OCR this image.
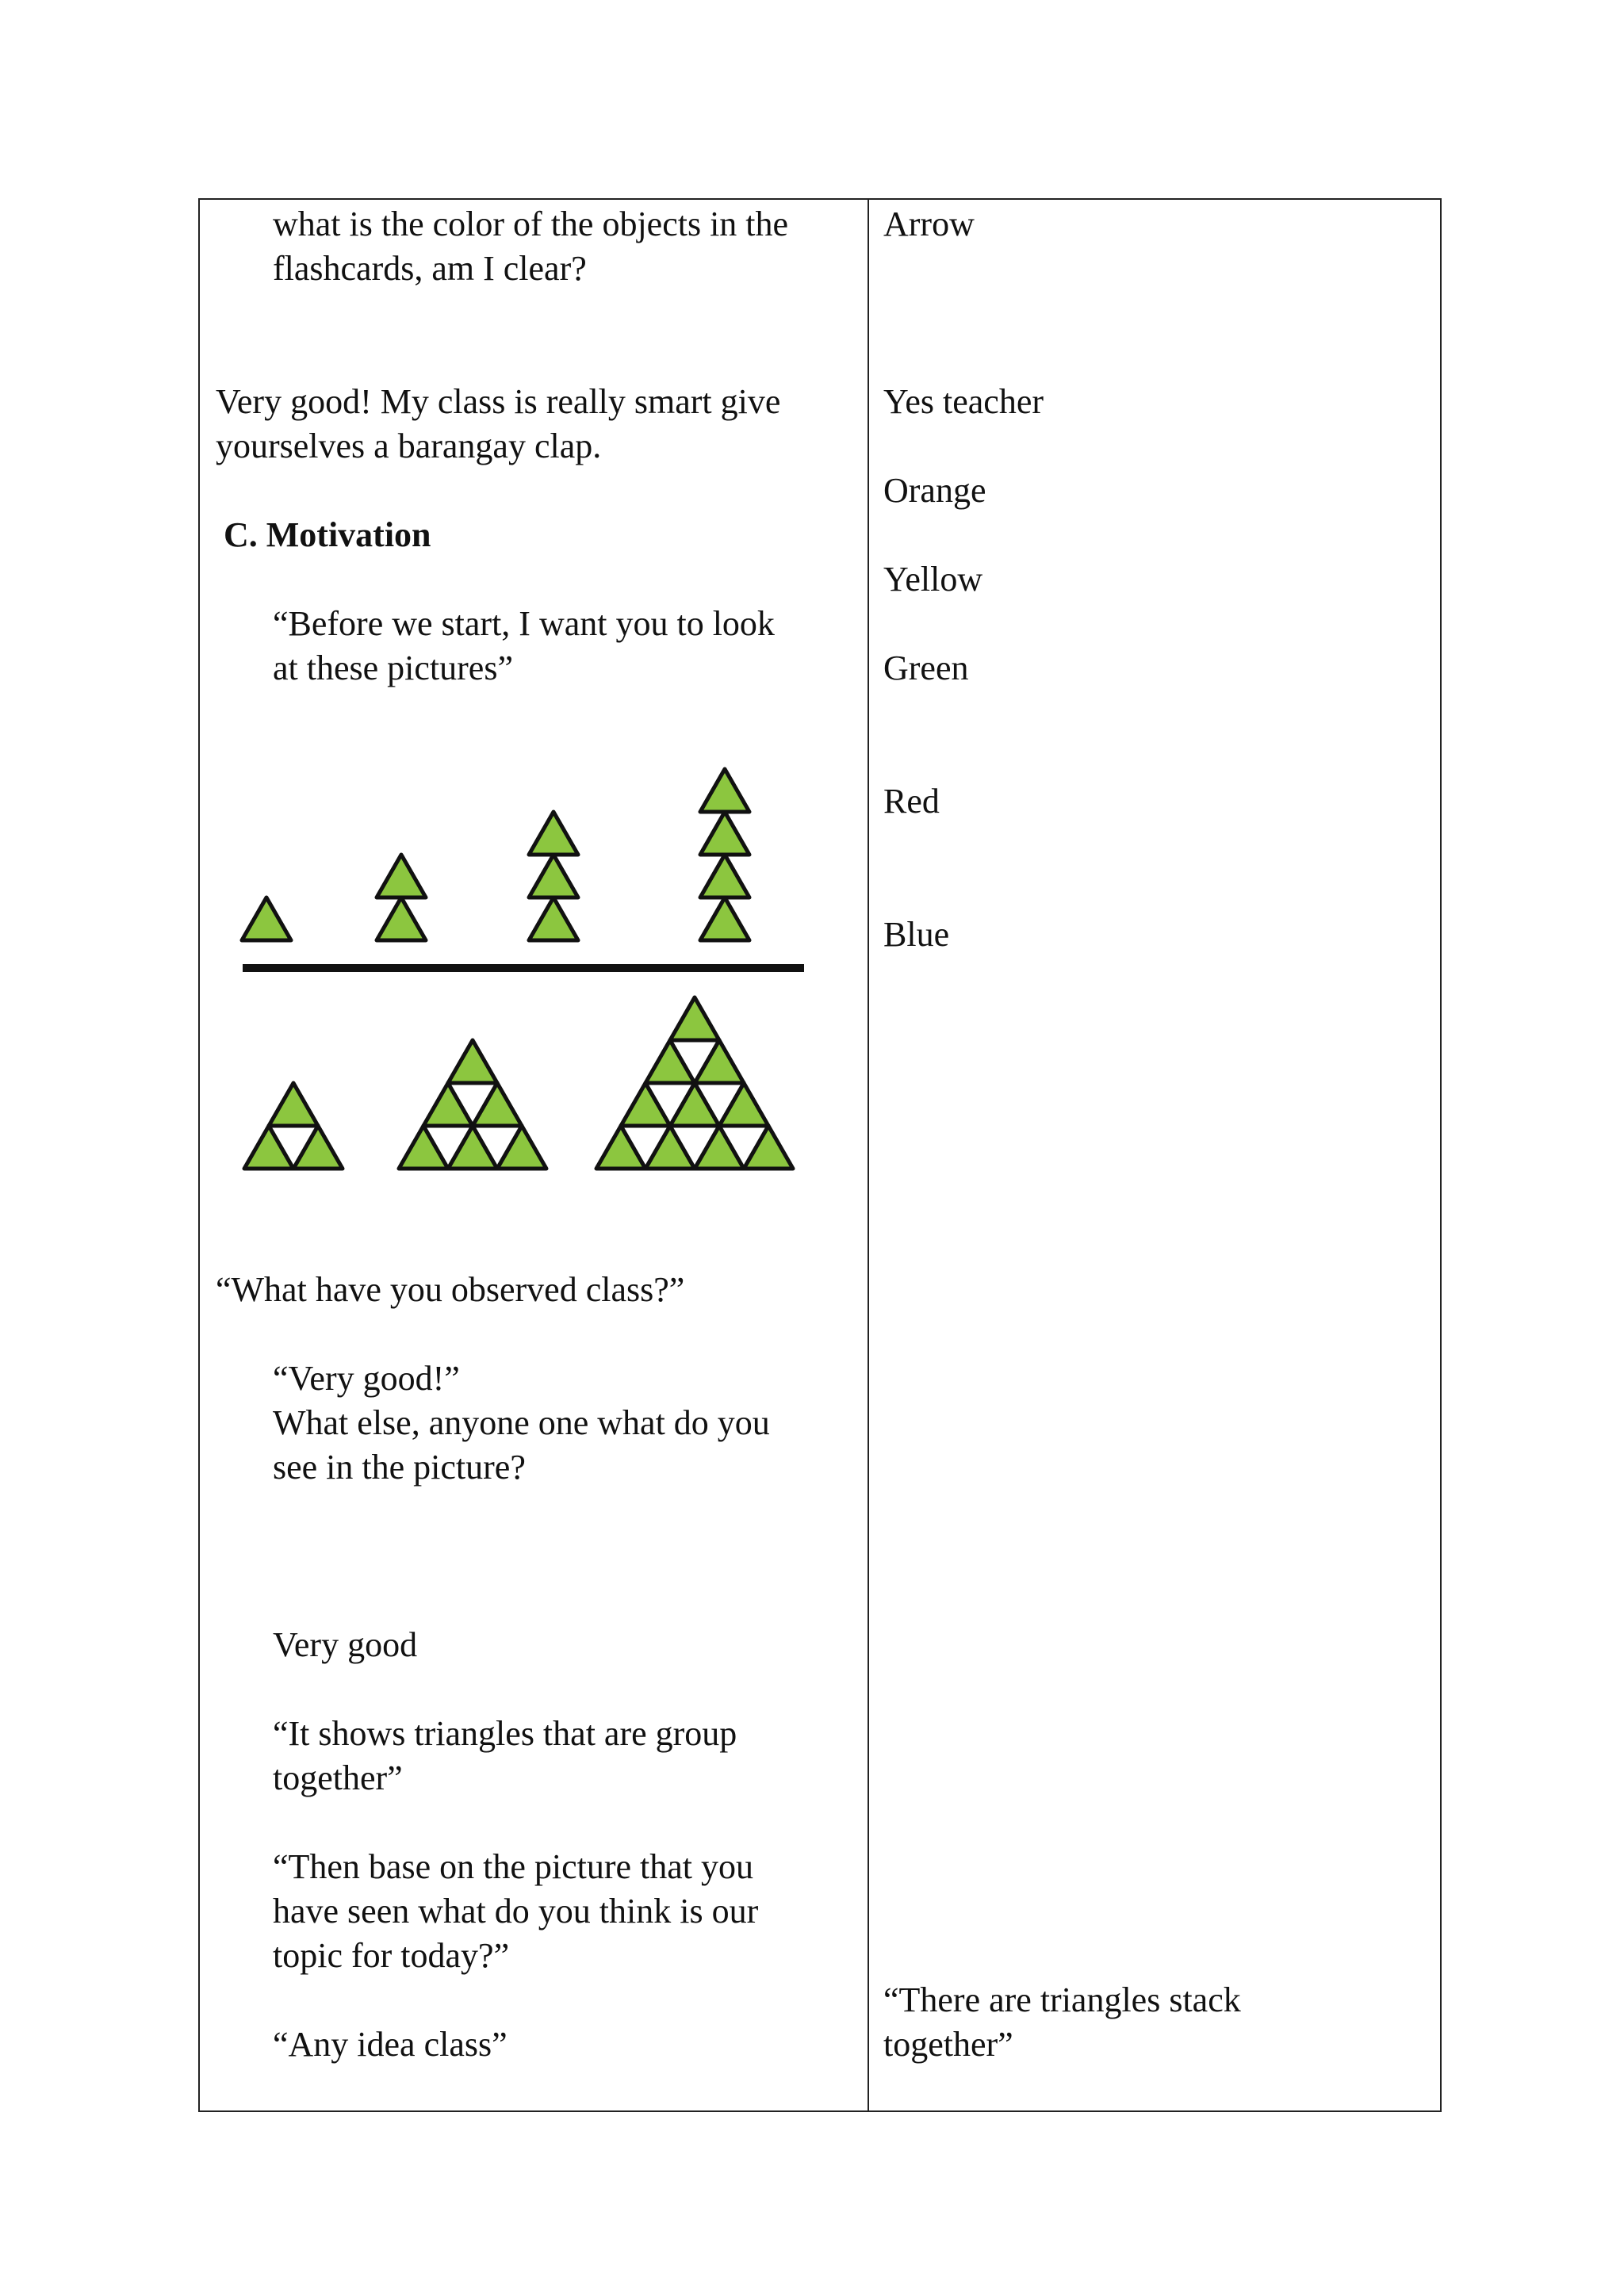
what is the color of the objects in the

flashcards, am I clear?

Very good! My class is really smart give

yourselves a barangay clap.

C. Motivation

“Before we start, I want you to look

at these pictures”

“What have you observed class?”

“Very good!”

What else, anyone one what do you

see in the picture?

Very good

“It shows triangles that are group

together”

“Then base on the picture that you

have seen what do you think is our

topic for today?”

“Any idea class”

Arrow

Yes teacher

Orange

Yellow

Green

Red

Blue

“There are triangles stack

together”
